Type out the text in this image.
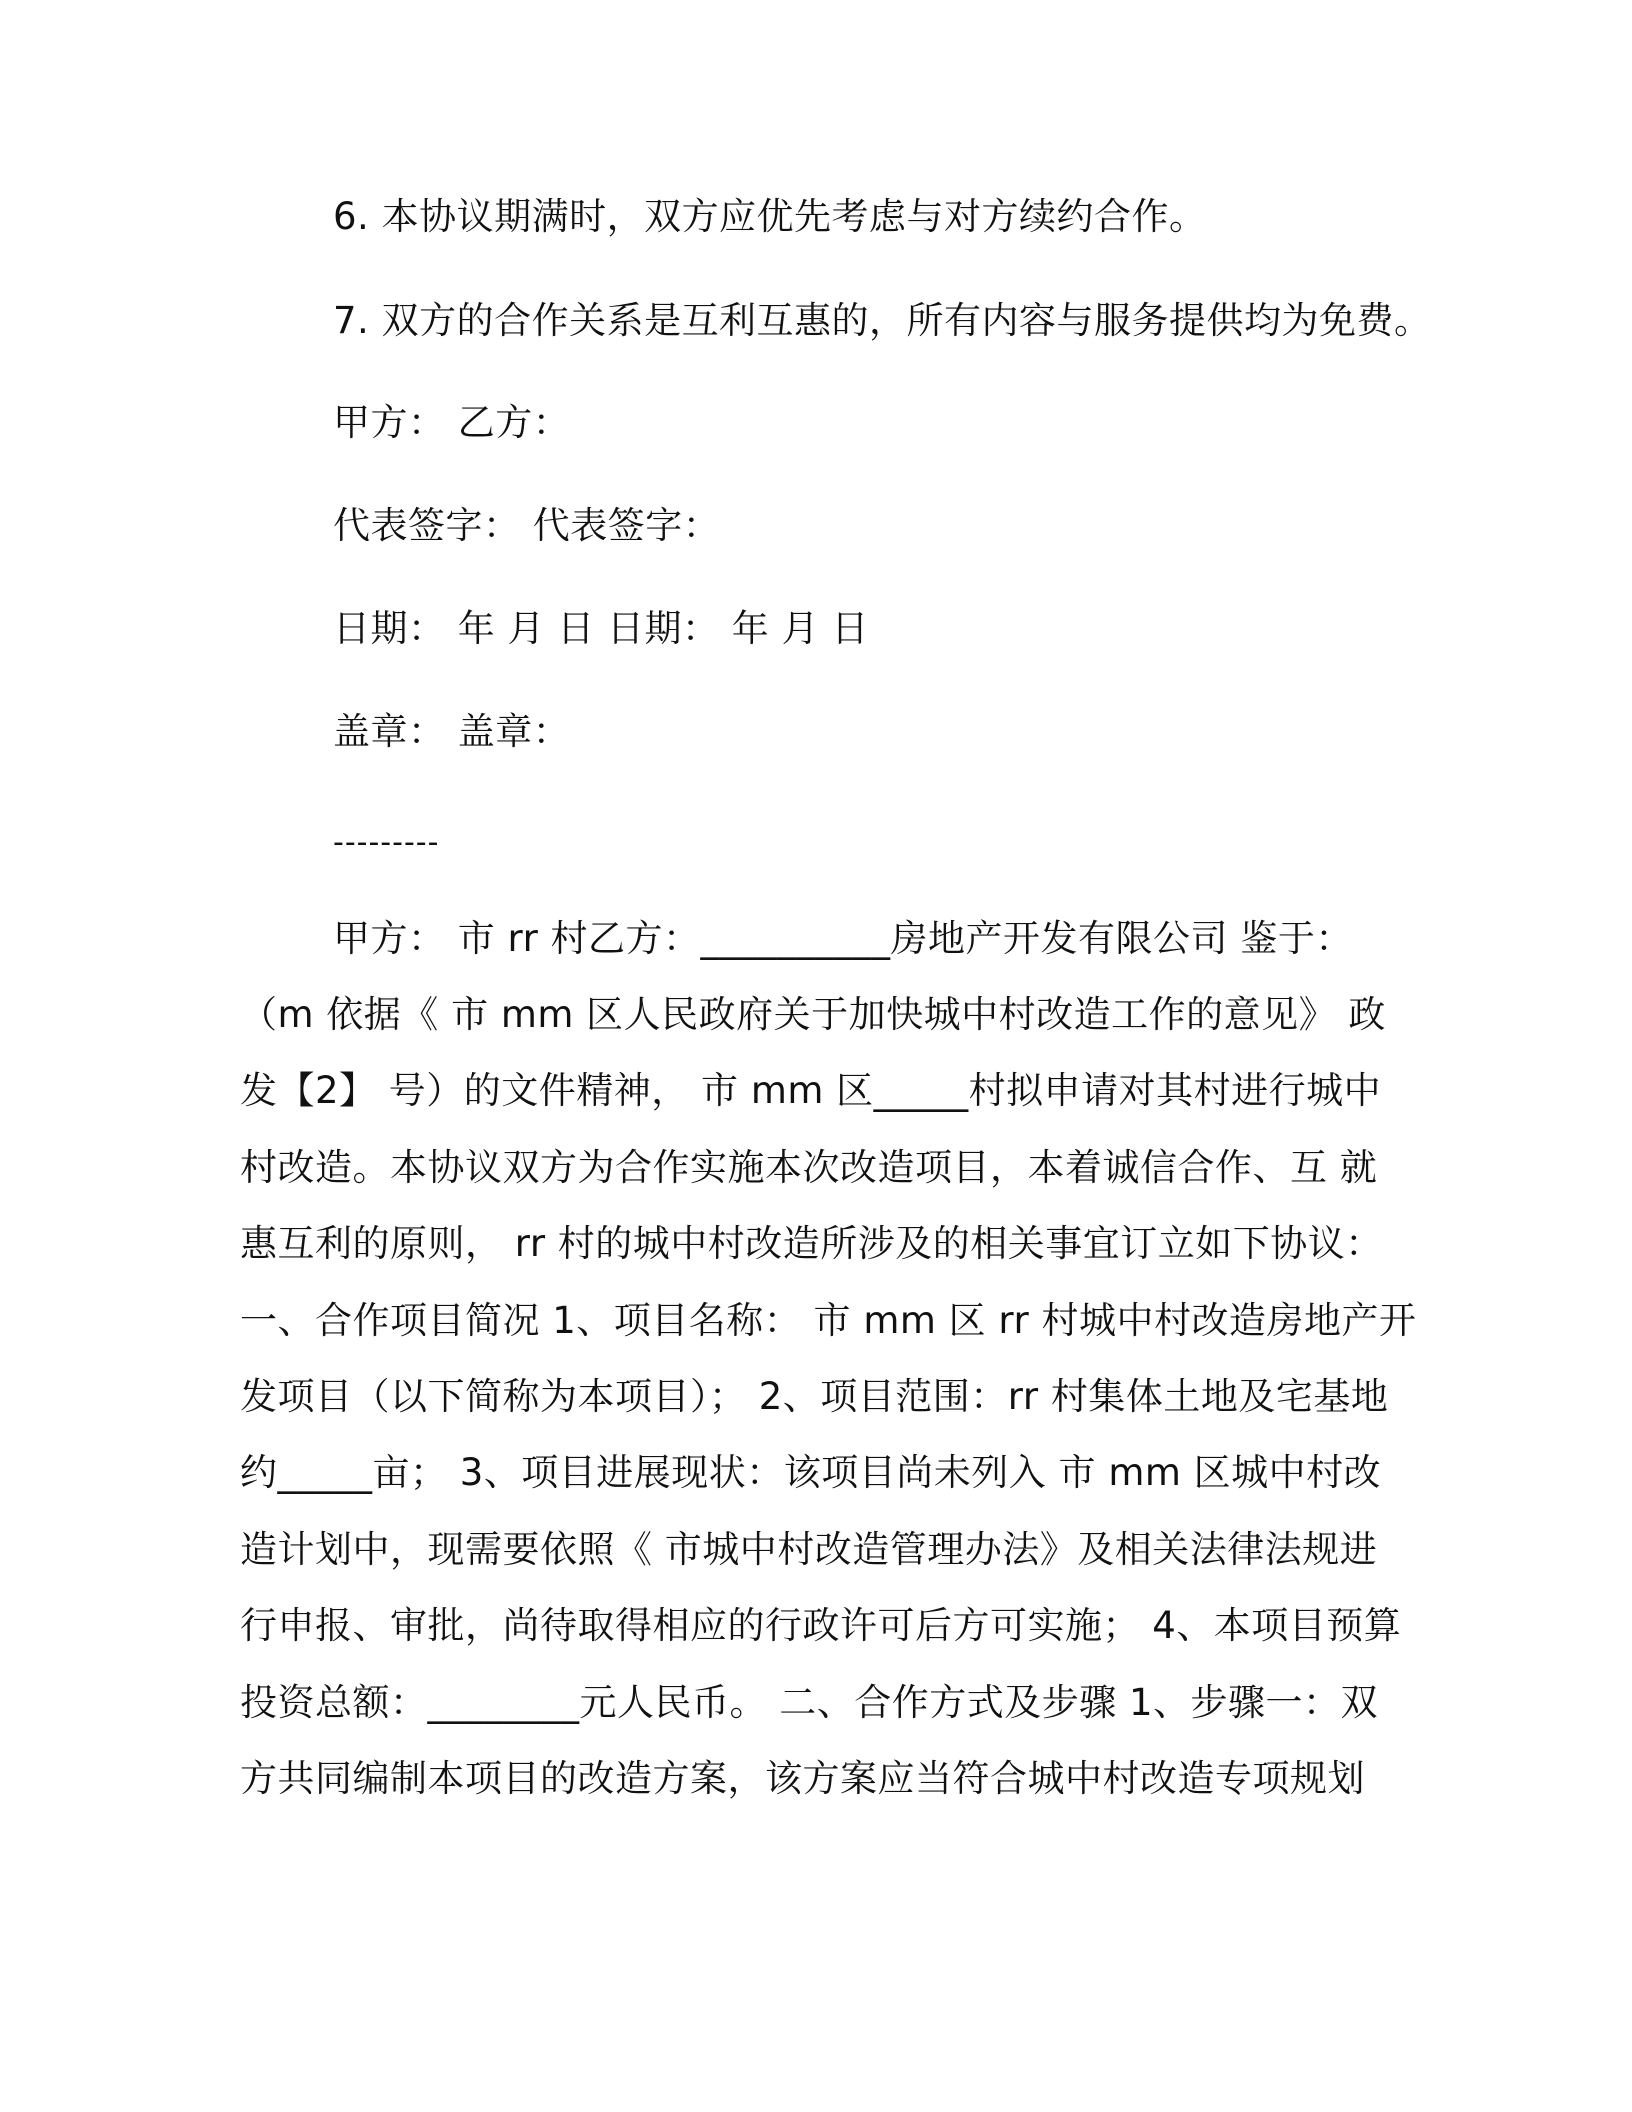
6. 本协议期满时，双方应优先考虑与对方续约合作。
7. 双方的合作关系是互利互惠的，所有内容与服务提供均为免费。
甲方： 乙方：
代表签字： 代表签字：
日期： 年 月 日 日期： 年 月 日
盖章： 盖章：
---------
甲方： 市 rr 村乙方：__________房地产开发有限公司 鉴于：
（m 依据《 市 mm 区人民政府关于加快城中村改造工作的意见》 政
发【2】 号）的文件精神， 市 mm 区_____村拟申请对其村进行城中
村改造。本协议双方为合作实施本次改造项目，本着诚信合作、互 就
惠互利的原则， rr 村的城中村改造所涉及的相关事宜订立如下协议：
一、合作项目简况 1、项目名称： 市 mm 区 rr 村城中村改造房地产开
发项目（以下简称为本项目）； 2、项目范围：rr 村集体土地及宅基地
约_____亩； 3、项目进展现状：该项目尚未列入 市 mm 区城中村改
造计划中，现需要依照《 市城中村改造管理办法》及相关法律法规进
行申报、审批，尚待取得相应的行政许可后方可实施； 4、本项目预算
投资总额：________元人民币。 二、合作方式及步骤 1、步骤一：双
方共同编制本项目的改造方案，该方案应当符合城中村改造专项规划
